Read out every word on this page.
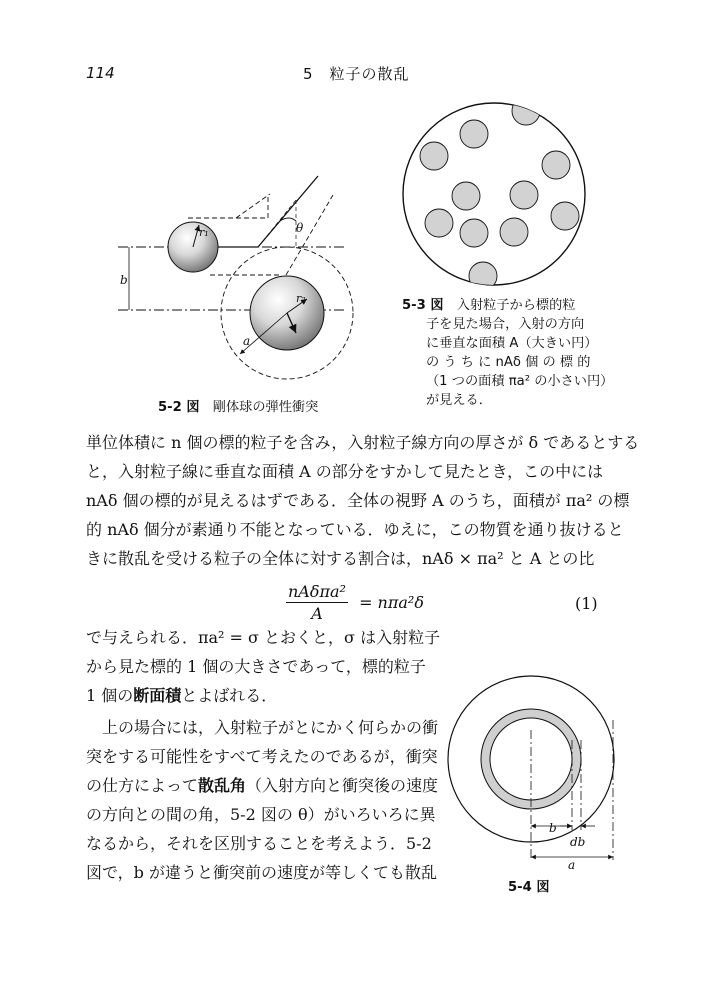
114	5　粒子の散乱
b
r₁
r₂
θ
a
b
db
a
5-3 図　 入射粒子から標的粒
子を見た場合，入射の方向
に垂直な面積 A（大きい円）
の う ち に nAδ 個 の 標 的
（1 つの面積 πa² の小さい円）
が見える．
5-2 図　 剛体球の弾性衝突
5-4 図
単位体積に n 個の標的粒子を含み，入射粒子線方向の厚さが δ であるとする
と，入射粒子線に垂直な面積 A の部分をすかして見たとき，この中には
nAδ 個の標的が見えるはずである．全体の視野 A のうち，面積が πa² の標
的 nAδ 個分が素通り不能となっている．ゆえに，この物質を通り抜けると
きに散乱を受ける粒子の全体に対する割合は，nAδ × πa² と A との比
$\frac{\text{nAδπa²}}{A} = n\pi a^2\delta$	(1)
で与えられる．πa² = σ とおくと，σ は入射粒子
から見た標的 1 個の大きさであって，標的粒子
1 個の断面積とよばれる．
　上の場合には，入射粒子がとにかく何らかの衝
突をする可能性をすべて考えたのであるが，衝突
の仕方によって散乱角（入射方向と衝突後の速度
の方向との間の角，5-2 図の θ）がいろいろに異
なるから，それを区別することを考えよう．5-2
図で，b が違うと衝突前の速度が等しくても散乱
